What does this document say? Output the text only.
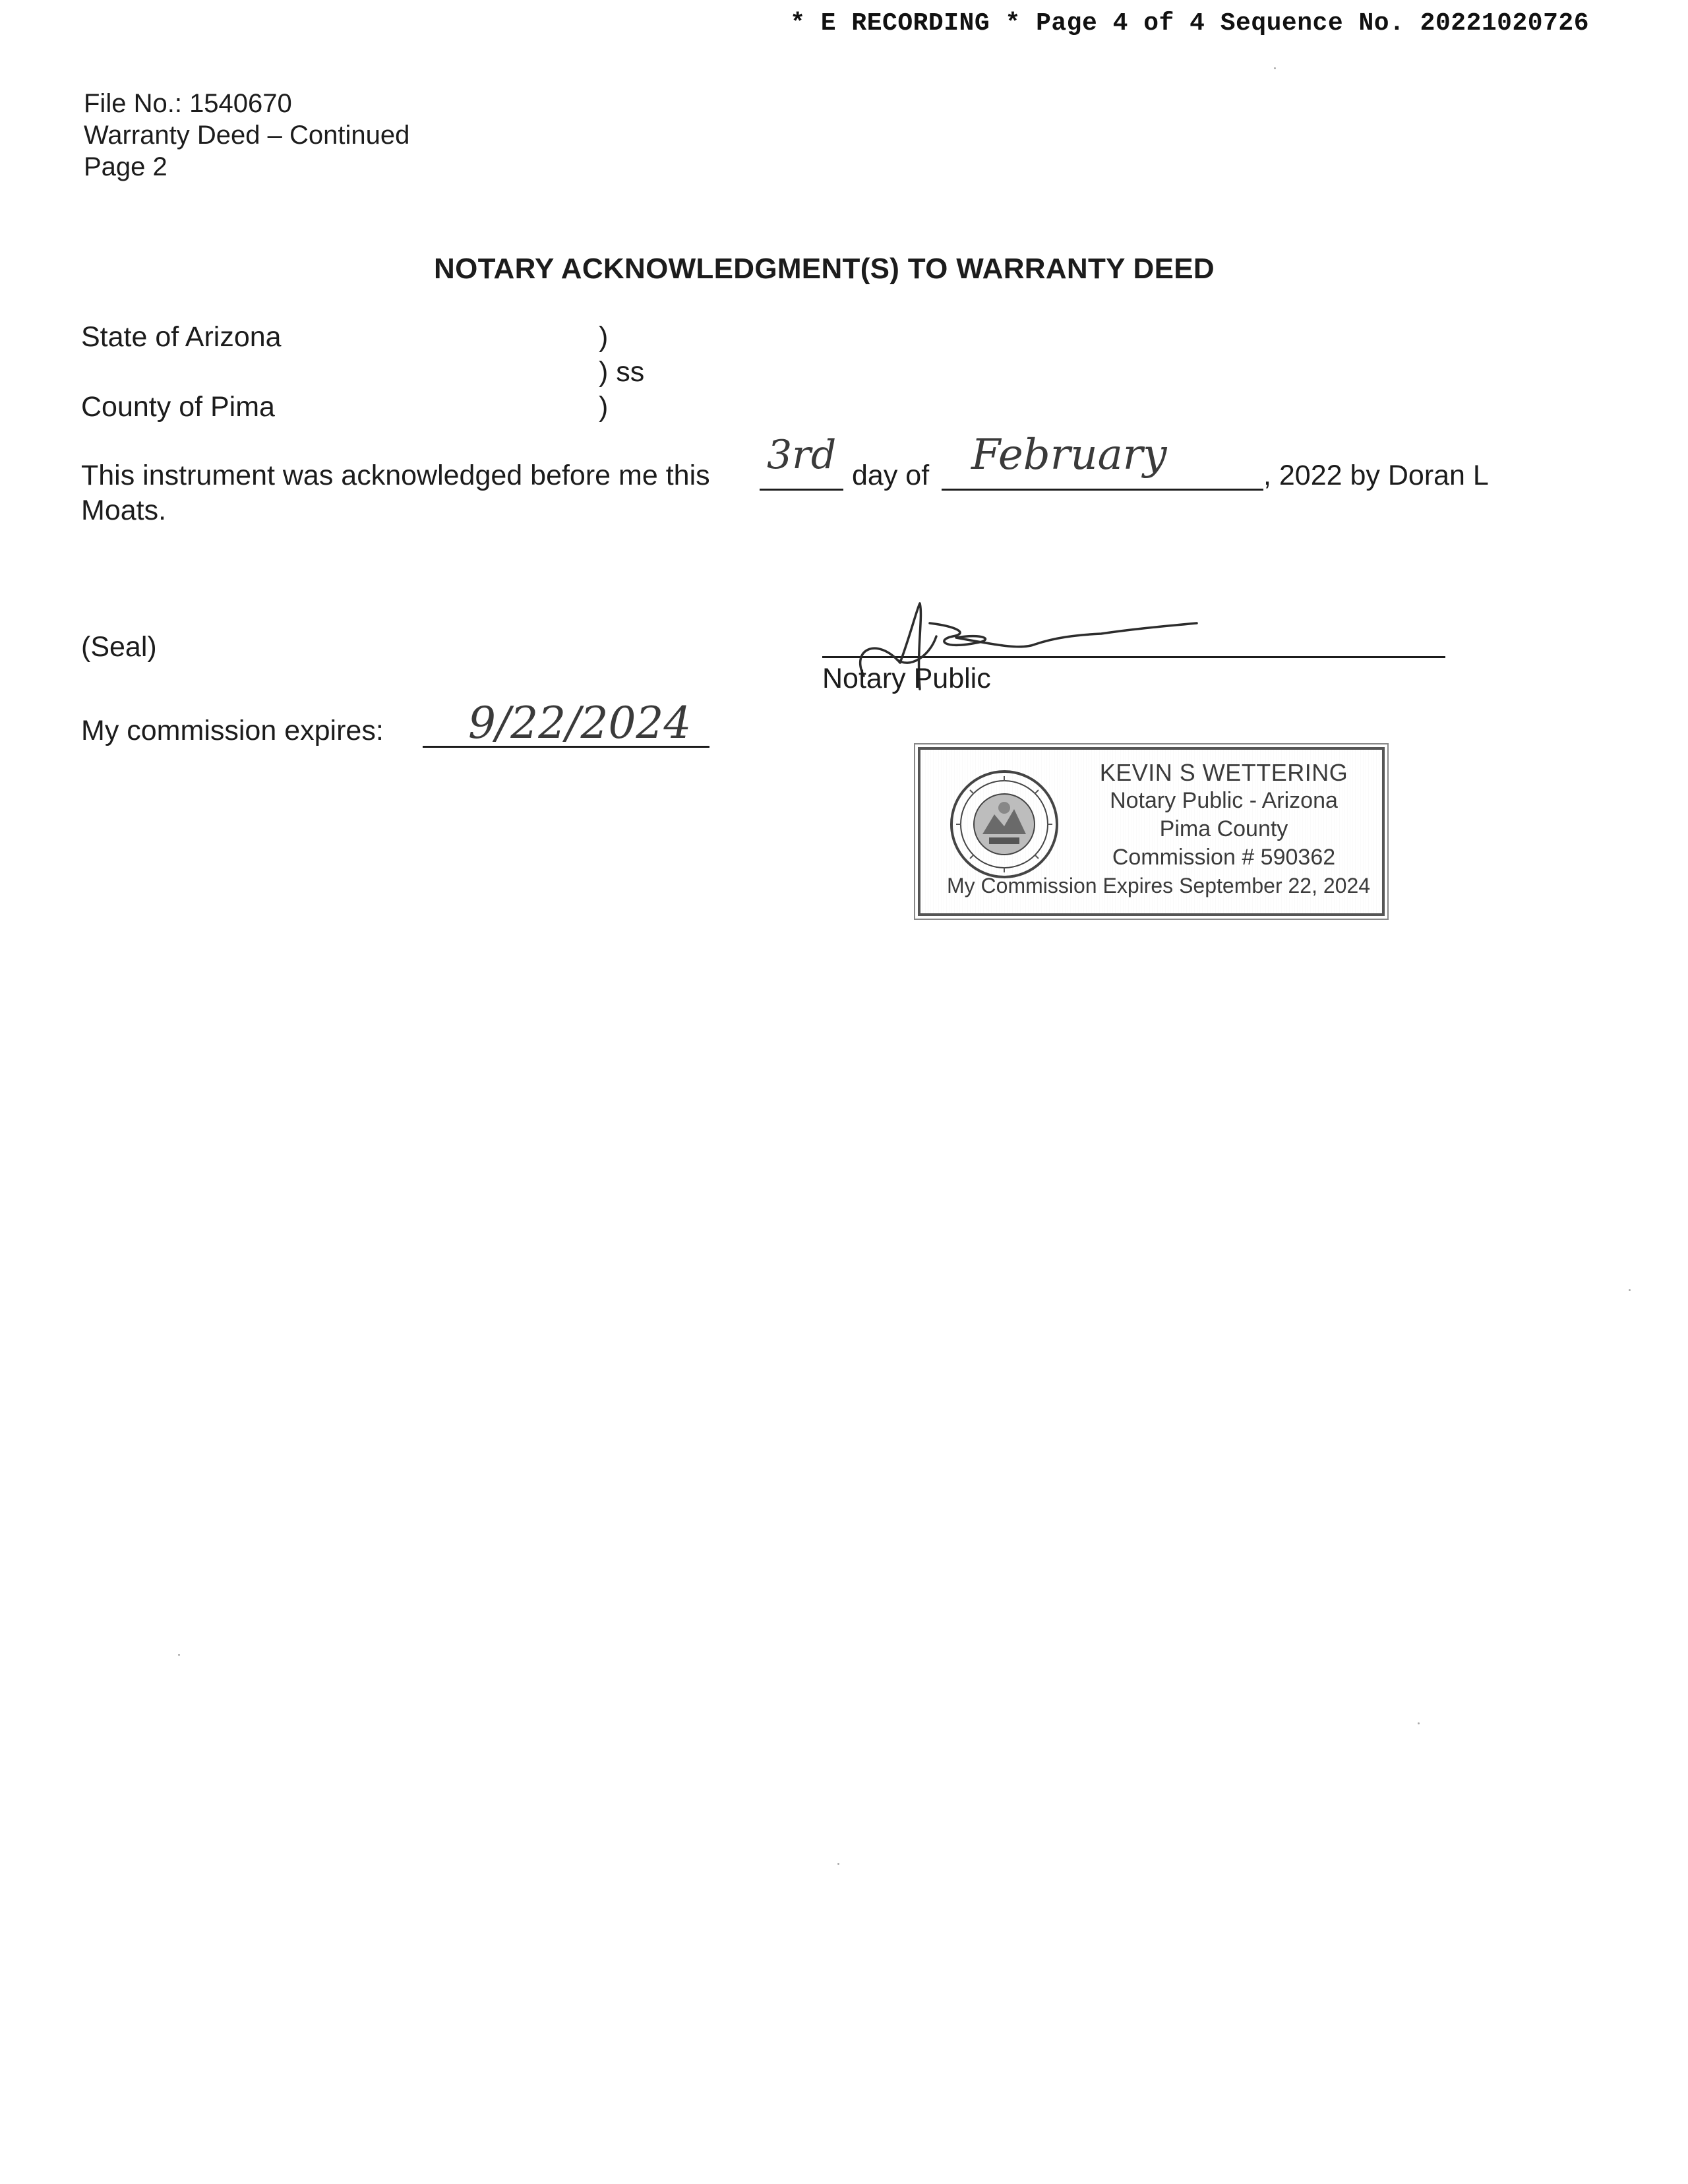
* E RECORDING * Page 4 of 4 Sequence No. 20221020726
File No.: 1540670
Warranty Deed – Continued
Page 2
NOTARY ACKNOWLEDGMENT(S) TO WARRANTY DEED
State of Arizona
County of Pima
)
) ss
)
This instrument was acknowledged before me this 3rd day of February	, 2022 by Doran L
Moats.
(Seal)
Notary Public
My commission expires: 9/22/2024
KEVIN S WETTERING
Notary Public - Arizona
Pima County
Commission # 590362
My Commission Expires September 22, 2024
